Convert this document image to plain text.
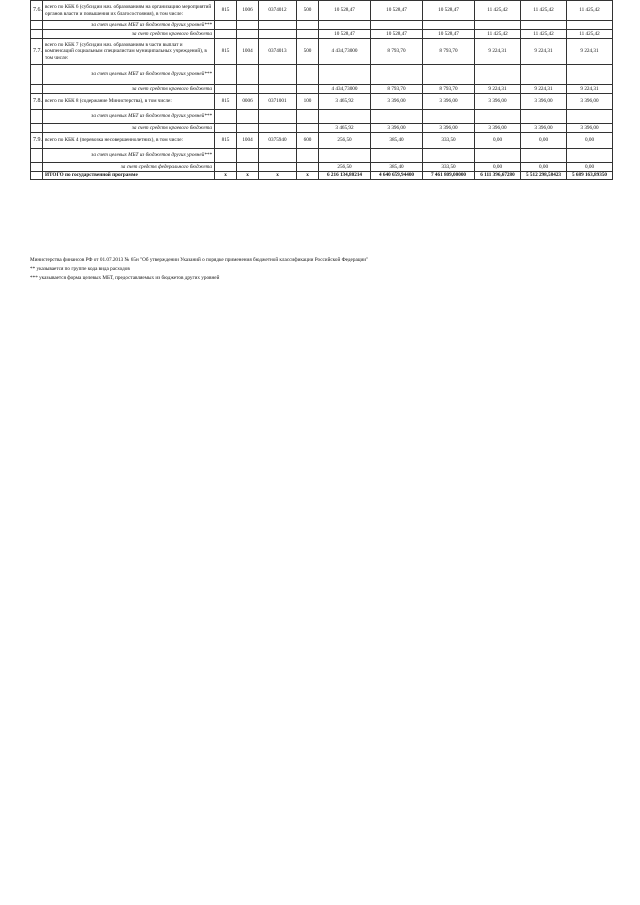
7.6.	всего по КБК 6 (субсидии нач. образованиям на организацию мероприятий органов власти и повышения их благосостояния), в том числе:	815	1006	0374012	500	10 528,47	10 528,47	10 528,47	11 425,42	11 425,42	11 425,42
	за счет целевых МБТ из бюджетов других уровней***										
	за счет средств краевого бюджета					10 528,47	10 528,47	10 528,47	11 425,42	11 425,42	11 425,42
7.7.	всего по КБК 7 (субсидии нач. образованиям в части выплат и компенсаций социальным специалистам муниципальных учреждений), в том числе:	815	1004	0374013	500	4 434,73000	8 793,70	8 793,70	9 224,31	9 224,31	9 224,31
	за счет целевых МБТ из бюджетов других уровней***										
	за счет средств краевого бюджета					4 434,73000	8 793,70	8 793,70	9 224,31	9 224,31	9 224,31
7.8.	всего по КБК 8 (содержание Министерства), в том числе:	815	0006	0371001	100	3 465,92	3 396,00	3 396,00	3 396,00	3 396,00	3 396,00
	за счет целевых МБТ из бюджетов других уровней***										
	за счет средств краевого бюджета					3 465,92	3 396,00	3 396,00	3 396,00	3 396,00	3 396,00
7.9.	всего по КБК 4 (перевозка несовершеннолетних), в том числе:	815	1004	0375940	600	256,50	385,40	333,50	0,00	0,00	0,00
	за счет целевых МБТ из бюджетов других уровней***										
	за счет средств федерального бюджета					256,50	385,40	333,50	0,00	0,00	0,00
	ИТОГО по государственной программе	х	х	х	х	6 216 134,80214	4 640 659,94400	7 461 809,00000	6 111 396,67280	5 512 298,58423	5 689 163,89350
Министерства финансов РФ от 01.07.2013 № 65н "Об утверждении Указаний о порядке применения бюджетной классификации Российской Федерации"
** указывается по группе кода вида расходов
*** указывается форма целевых МБТ, предоставляемых из бюджетов других уровней
